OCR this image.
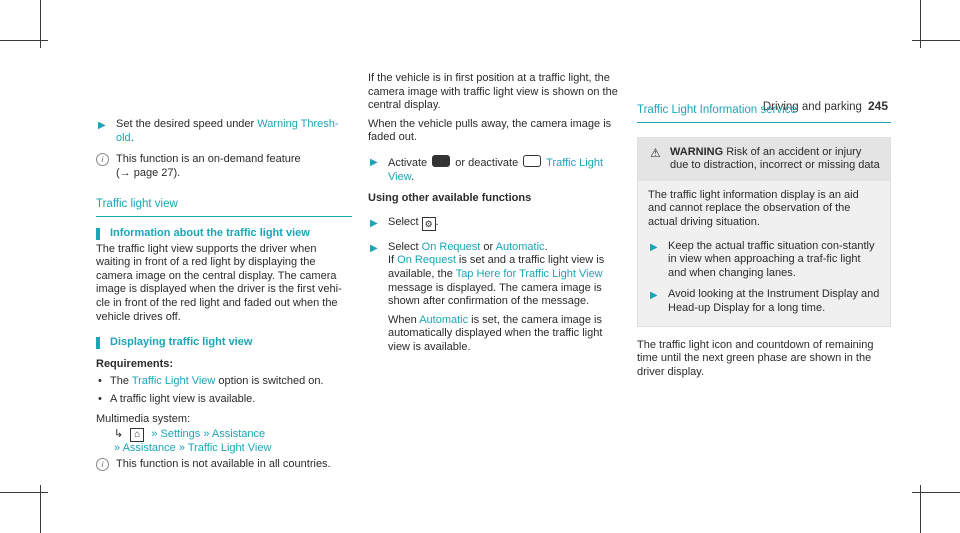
Driving and parking 245
▶ Set the desired speed under Warning Thresh-old.
i	This function is an on-demand feature
(→ page 27).
Traffic light view
Information about the traffic light view

The traffic light view supports the driver when waiting in front of a red light by displaying the camera image on the central display. The camera image is displayed when the driver is the first vehi-cle in front of the red light and faded out when the vehicle drives off.

Displaying traffic light view
Requirements:
• The Traffic Light View option is switched on.
• A traffic light view is available.

Multimedia system:

↳ ⌂ » Settings » Assistance
» Assistance » Traffic Light View
i	This function is not available in all countries.

If the vehicle is in first position at a traffic light, the camera image with traffic light view is shown on the central display.

When the vehicle pulls away, the camera image is faded out.

▶ Activate  or deactivate  Traffic Light View.
Using other available functions
▶ Select ⚙ .
▶ Select On Request or Automatic.

If On Request is set and a traffic light view is available, the Tap Here for Traffic Light View message is displayed. The camera image is shown after confirmation of the message.

When Automatic is set, the camera image is automatically displayed when the traffic light view is available.

Traffic Light Information service
⚠ WARNING Risk of an accident or injury due to distraction, incorrect or missing data

The traffic light information display is an aid and cannot replace the observation of the actual driving situation.

▶ Keep the actual traffic situation con-stantly in view when approaching a traf-fic light and when changing lanes.
▶ Avoid looking at the Instrument Display and Head-up Display for a long time.

The traffic light icon and countdown of remaining time until the next green phase are shown in the driver display.
